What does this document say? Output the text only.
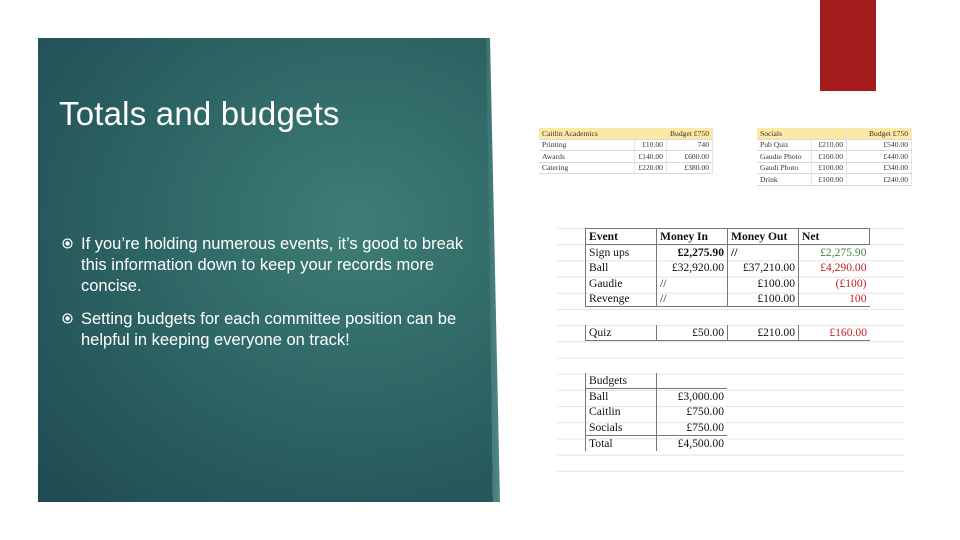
Totals and budgets
If you’re holding numerous events, it’s good to break this information down to keep your records more concise.
Setting budgets for each committee position can be helpful in keeping everyone on track!
Caitlin Academics		Budget £750
Printing	£10.00	740
Awards	£140.00	£600.00
Catering	£220.00	£380.00
Socials		Budget £750
Pub Quiz	£210.00	£540.00
Gaudie Photo	£100.00	£440.00
Gaudi Photo	£100.00	£340.00
Drink	£100.00	£240.00
Event	Money In	Money Out	Net
Sign ups	£2,275.90	//	£2,275.90
Ball	£32,920.00	£37,210.00	£4,290.00
Gaudie	//	£100.00	(£100)
Revenge	//	£100.00	100
Quiz	£50.00	£210.00	£160.00
Budgets	
Ball	£3,000.00
Caitlin	£750.00
Socials	£750.00
Total	£4,500.00
